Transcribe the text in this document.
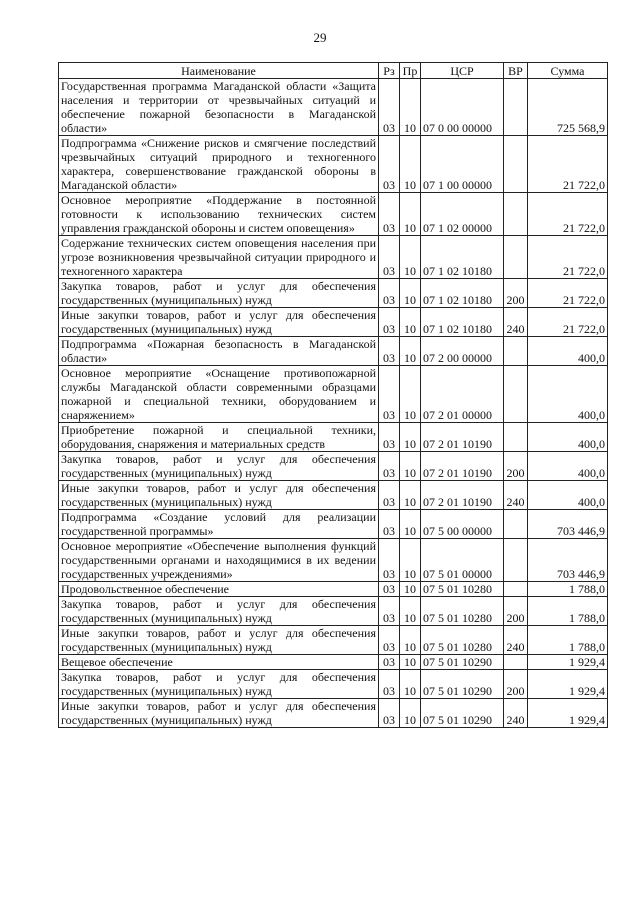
29
Наименование	Рз	Пр	ЦСР	ВР	Сумма
Государственная программа Магаданской области «Защита населения и территории от чрезвычайных ситуаций и обеспечение пожарной безопасности в Магаданской области»	03	10	07 0 00 00000		725 568,9
Подпрограмма «Снижение рисков и смягчение последствий чрезвычайных ситуаций природного и техногенного характера, совершенствование гражданской обороны в Магаданской области»	03	10	07 1 00 00000		21 722,0
Основное мероприятие «Поддержание в постоянной готовности к использованию технических систем управления гражданской обороны и систем оповещения»	03	10	07 1 02 00000		21 722,0
Содержание технических систем оповещения населения при угрозе возникновения чрезвычайной ситуации природного и техногенного характера	03	10	07 1 02 10180		21 722,0
Закупка товаров, работ и услуг для обеспечения государственных (муниципальных) нужд	03	10	07 1 02 10180	200	21 722,0
Иные закупки товаров, работ и услуг для обеспечения государственных (муниципальных) нужд	03	10	07 1 02 10180	240	21 722,0
Подпрограмма «Пожарная безопасность в Магаданской области»	03	10	07 2 00 00000		400,0
Основное мероприятие «Оснащение противопожарной службы Магаданской области современными образцами пожарной и специальной техники, оборудованием и снаряжением»	03	10	07 2 01 00000		400,0
Приобретение пожарной и специальной техники, оборудования, снаряжения и материальных средств	03	10	07 2 01 10190		400,0
Закупка товаров, работ и услуг для обеспечения государственных (муниципальных) нужд	03	10	07 2 01 10190	200	400,0
Иные закупки товаров, работ и услуг для обеспечения государственных (муниципальных) нужд	03	10	07 2 01 10190	240	400,0
Подпрограмма «Создание условий для реализации государственной программы»	03	10	07 5 00 00000		703 446,9
Основное мероприятие «Обеспечение выполнения функций государственными органами и находящимися в их ведении государственных учреждениями»	03	10	07 5 01 00000		703 446,9
Продовольственное обеспечение	03	10	07 5 01 10280		1 788,0
Закупка товаров, работ и услуг для обеспечения государственных (муниципальных) нужд	03	10	07 5 01 10280	200	1 788,0
Иные закупки товаров, работ и услуг для обеспечения государственных (муниципальных) нужд	03	10	07 5 01 10280	240	1 788,0
Вещевое обеспечение	03	10	07 5 01 10290		1 929,4
Закупка товаров, работ и услуг для обеспечения государственных (муниципальных) нужд	03	10	07 5 01 10290	200	1 929,4
Иные закупки товаров, работ и услуг для обеспечения государственных (муниципальных) нужд	03	10	07 5 01 10290	240	1 929,4
